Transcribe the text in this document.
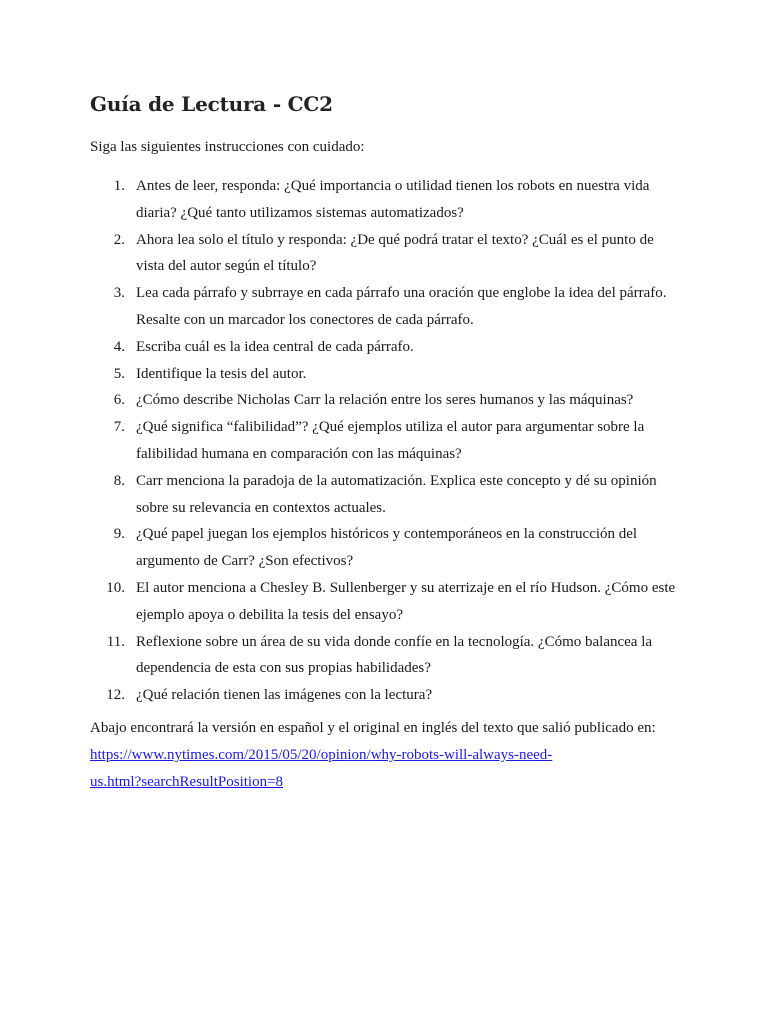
Guía de Lectura - CC2

Siga las siguientes instrucciones con cuidado:

1. Antes de leer, responda: ¿Qué importancia o utilidad tienen los robots en nuestra vida
diaria? ¿Qué tanto utilizamos sistemas automatizados?
2. Ahora lea solo el título y responda: ¿De qué podrá tratar el texto? ¿Cuál es el punto de
vista del autor según el título?
3. Lea cada párrafo y subrraye en cada párrafo una oración que englobe la idea del párrafo.
Resalte con un marcador los conectores de cada párrafo.
4. Escriba cuál es la idea central de cada párrafo.
5. Identifique la tesis del autor.
6. ¿Cómo describe Nicholas Carr la relación entre los seres humanos y las máquinas?
7. ¿Qué significa “falibilidad”? ¿Qué ejemplos utiliza el autor para argumentar sobre la
falibilidad humana en comparación con las máquinas?
8. Carr menciona la paradoja de la automatización. Explica este concepto y dé su opinión
sobre su relevancia en contextos actuales.
9. ¿Qué papel juegan los ejemplos históricos y contemporáneos en la construcción del
argumento de Carr? ¿Son efectivos?
10. El autor menciona a Chesley B. Sullenberger y su aterrizaje en el río Hudson. ¿Cómo este
ejemplo apoya o debilita la tesis del ensayo?
11. Reflexione sobre un área de su vida donde confíe en la tecnología. ¿Cómo balancea la
dependencia de esta con sus propias habilidades?
12. ¿Qué relación tienen las imágenes con la lectura?

Abajo encontrará la versión en español y el original en inglés del texto que salió publicado en:

https://www.nytimes.com/2015/05/20/opinion/why-robots-will-always-need-
us.html?searchResultPosition=8
